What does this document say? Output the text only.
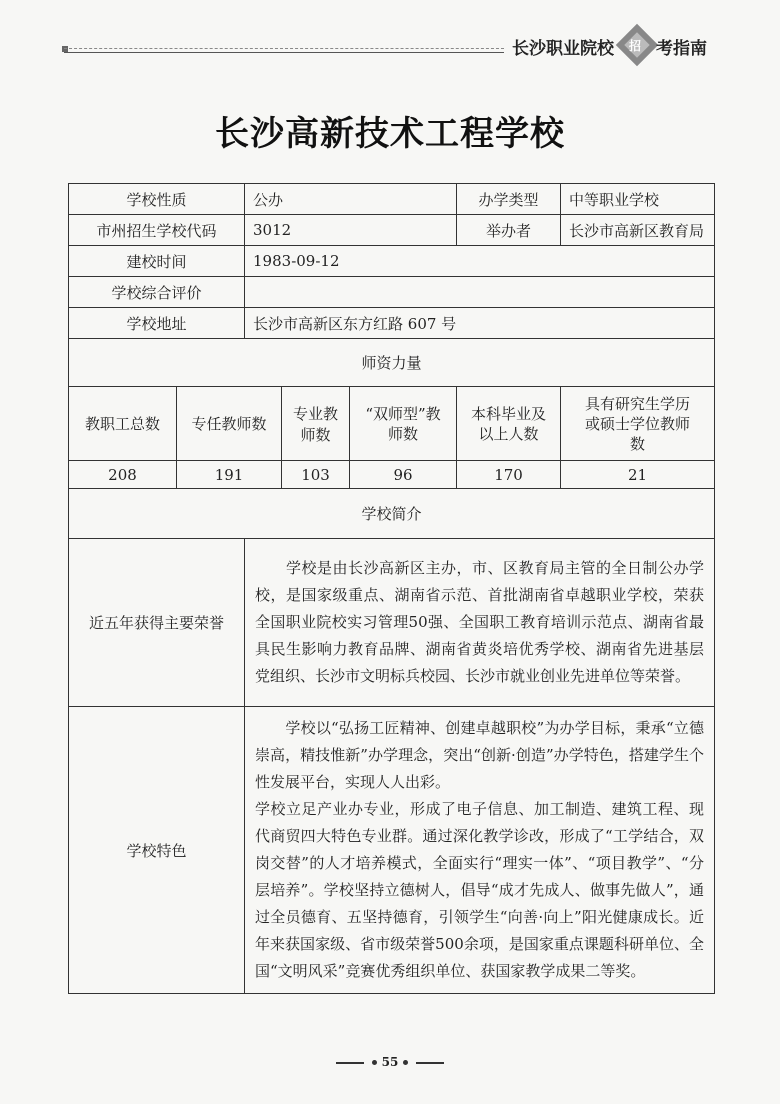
长沙职业院校 招 考指南
长沙高新技术工程学校
学校性质		公办			办学类型	中等职业学校
市州招生学校代码		3012			举办者	长沙市高新区教育局
建校时间		1983-09-12				
学校综合评价						
学校地址		长沙市高新区东方红路 607 号				
师资力量						
教职工总数	专任教师数		专业教师数	“双师型”教师数	本科毕业及以上人数	具有研究生学历或硕士学位教师数
208	191		103	96	170	21
学校简介						
近五年获得主要荣誉		　　学校是由长沙高新区主办，市、区教育局主管的全日制公办学校，是国家级重点、湖南省示范、首批湖南省卓越职业学校，荣获全国职业院校实习管理50强、全国职工教育培训示范点、湖南省最具民生影响力教育品牌、湖南省黄炎培优秀学校、湖南省先进基层党组织、长沙市文明标兵校园、长沙市就业创业先进单位等荣誉。				
学校特色		　　学校以“弘扬工匠精神、创建卓越职校”为办学目标，秉承“立德崇高，精技惟新”办学理念，突出“创新·创造”办学特色，搭建学生个性发展平台，实现人人出彩。
学校立足产业办专业，形成了电子信息、加工制造、建筑工程、现代商贸四大特色专业群。通过深化教学诊改，形成了“工学结合，双岗交替”的人才培养模式，全面实行“理实一体”、“项目教学”、“分层培养”。学校坚持立德树人，倡导“成才先成人、做事先做人”，通过全员德育、五坚持德育，引领学生“向善·向上”阳光健康成长。近年来获国家级、省市级荣誉500余项，是国家重点课题科研单位、全国“文明风采”竞赛优秀组织单位、获国家教学成果二等奖。				
55
